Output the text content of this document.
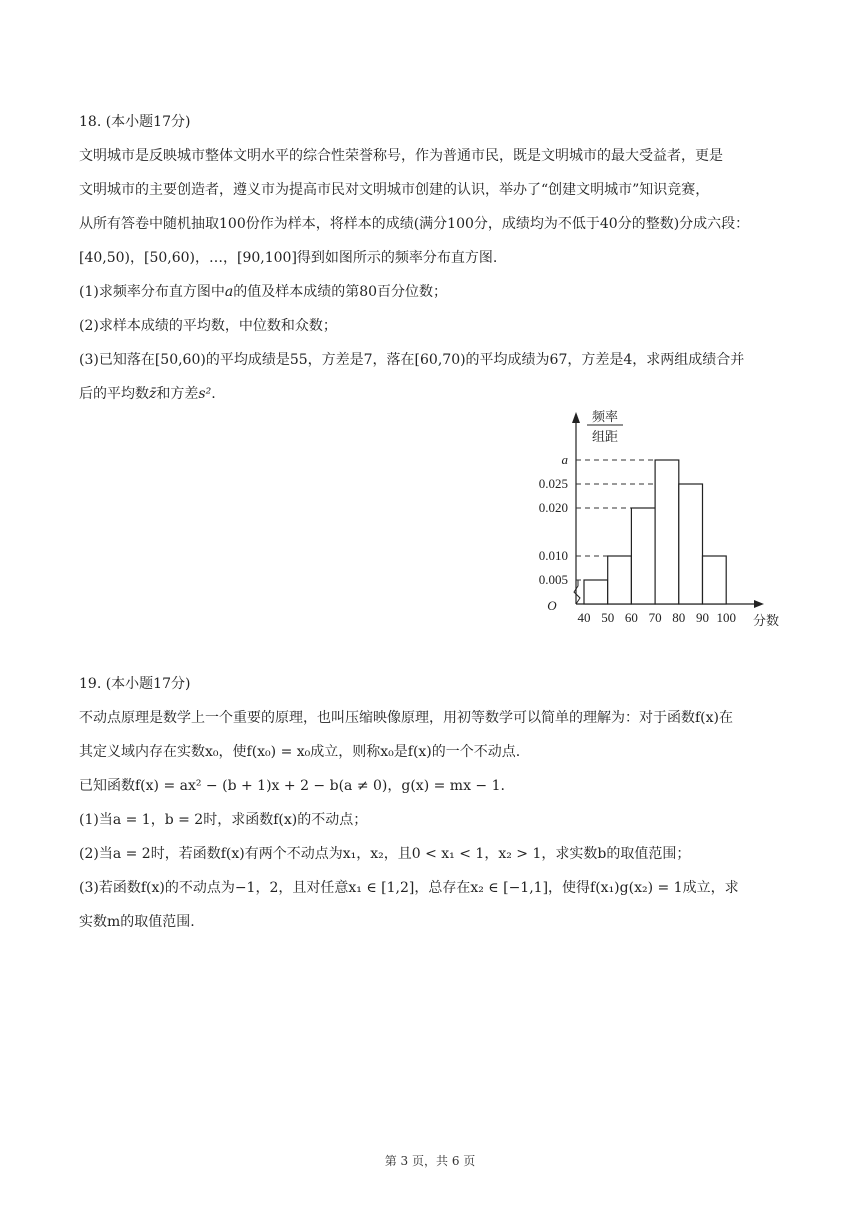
18. (本小题17分)
文明城市是反映城市整体文明水平的综合性荣誉称号，作为普通市民，既是文明城市的最大受益者，更是
文明城市的主要创造者，遵义市为提高市民对文明城市创建的认识，举办了“创建文明城市”知识竞赛，
从所有答卷中随机抽取100份作为样本，将样本的成绩(满分100分，成绩均为不低于40分的整数)分成六段：
[40,50)，[50,60)，…，[90,100]得到如图所示的频率分布直方图.
(1)求频率分布直方图中a的值及样本成绩的第80百分位数；
(2)求样本成绩的平均数，中位数和众数；
(3)已知落在[50,60)的平均成绩是55，方差是7，落在[60,70)的平均成绩为67，方差是4，求两组成绩合并
后的平均数z̄和方差s².
频率
组距
分数
O
40 50 60 70 80 90 100
0.005
0.010
0.020
0.025
a
19. (本小题17分)
不动点原理是数学上一个重要的原理，也叫压缩映像原理，用初等数学可以简单的理解为：对于函数f(x)在
其定义域内存在实数x₀，使f(x₀) = x₀成立，则称x₀是f(x)的一个不动点.
已知函数f(x) = ax² − (b + 1)x + 2 − b(a ≠ 0)，g(x) = mx − 1.
(1)当a = 1，b = 2时，求函数f(x)的不动点；
(2)当a = 2时，若函数f(x)有两个不动点为x₁，x₂，且0 < x₁ < 1，x₂ > 1，求实数b的取值范围；
(3)若函数f(x)的不动点为−1，2，且对任意x₁ ∈ [1,2]，总存在x₂ ∈ [−1,1]，使得f(x₁)g(x₂) = 1成立，求
实数m的取值范围.
第 3 页，共 6 页
